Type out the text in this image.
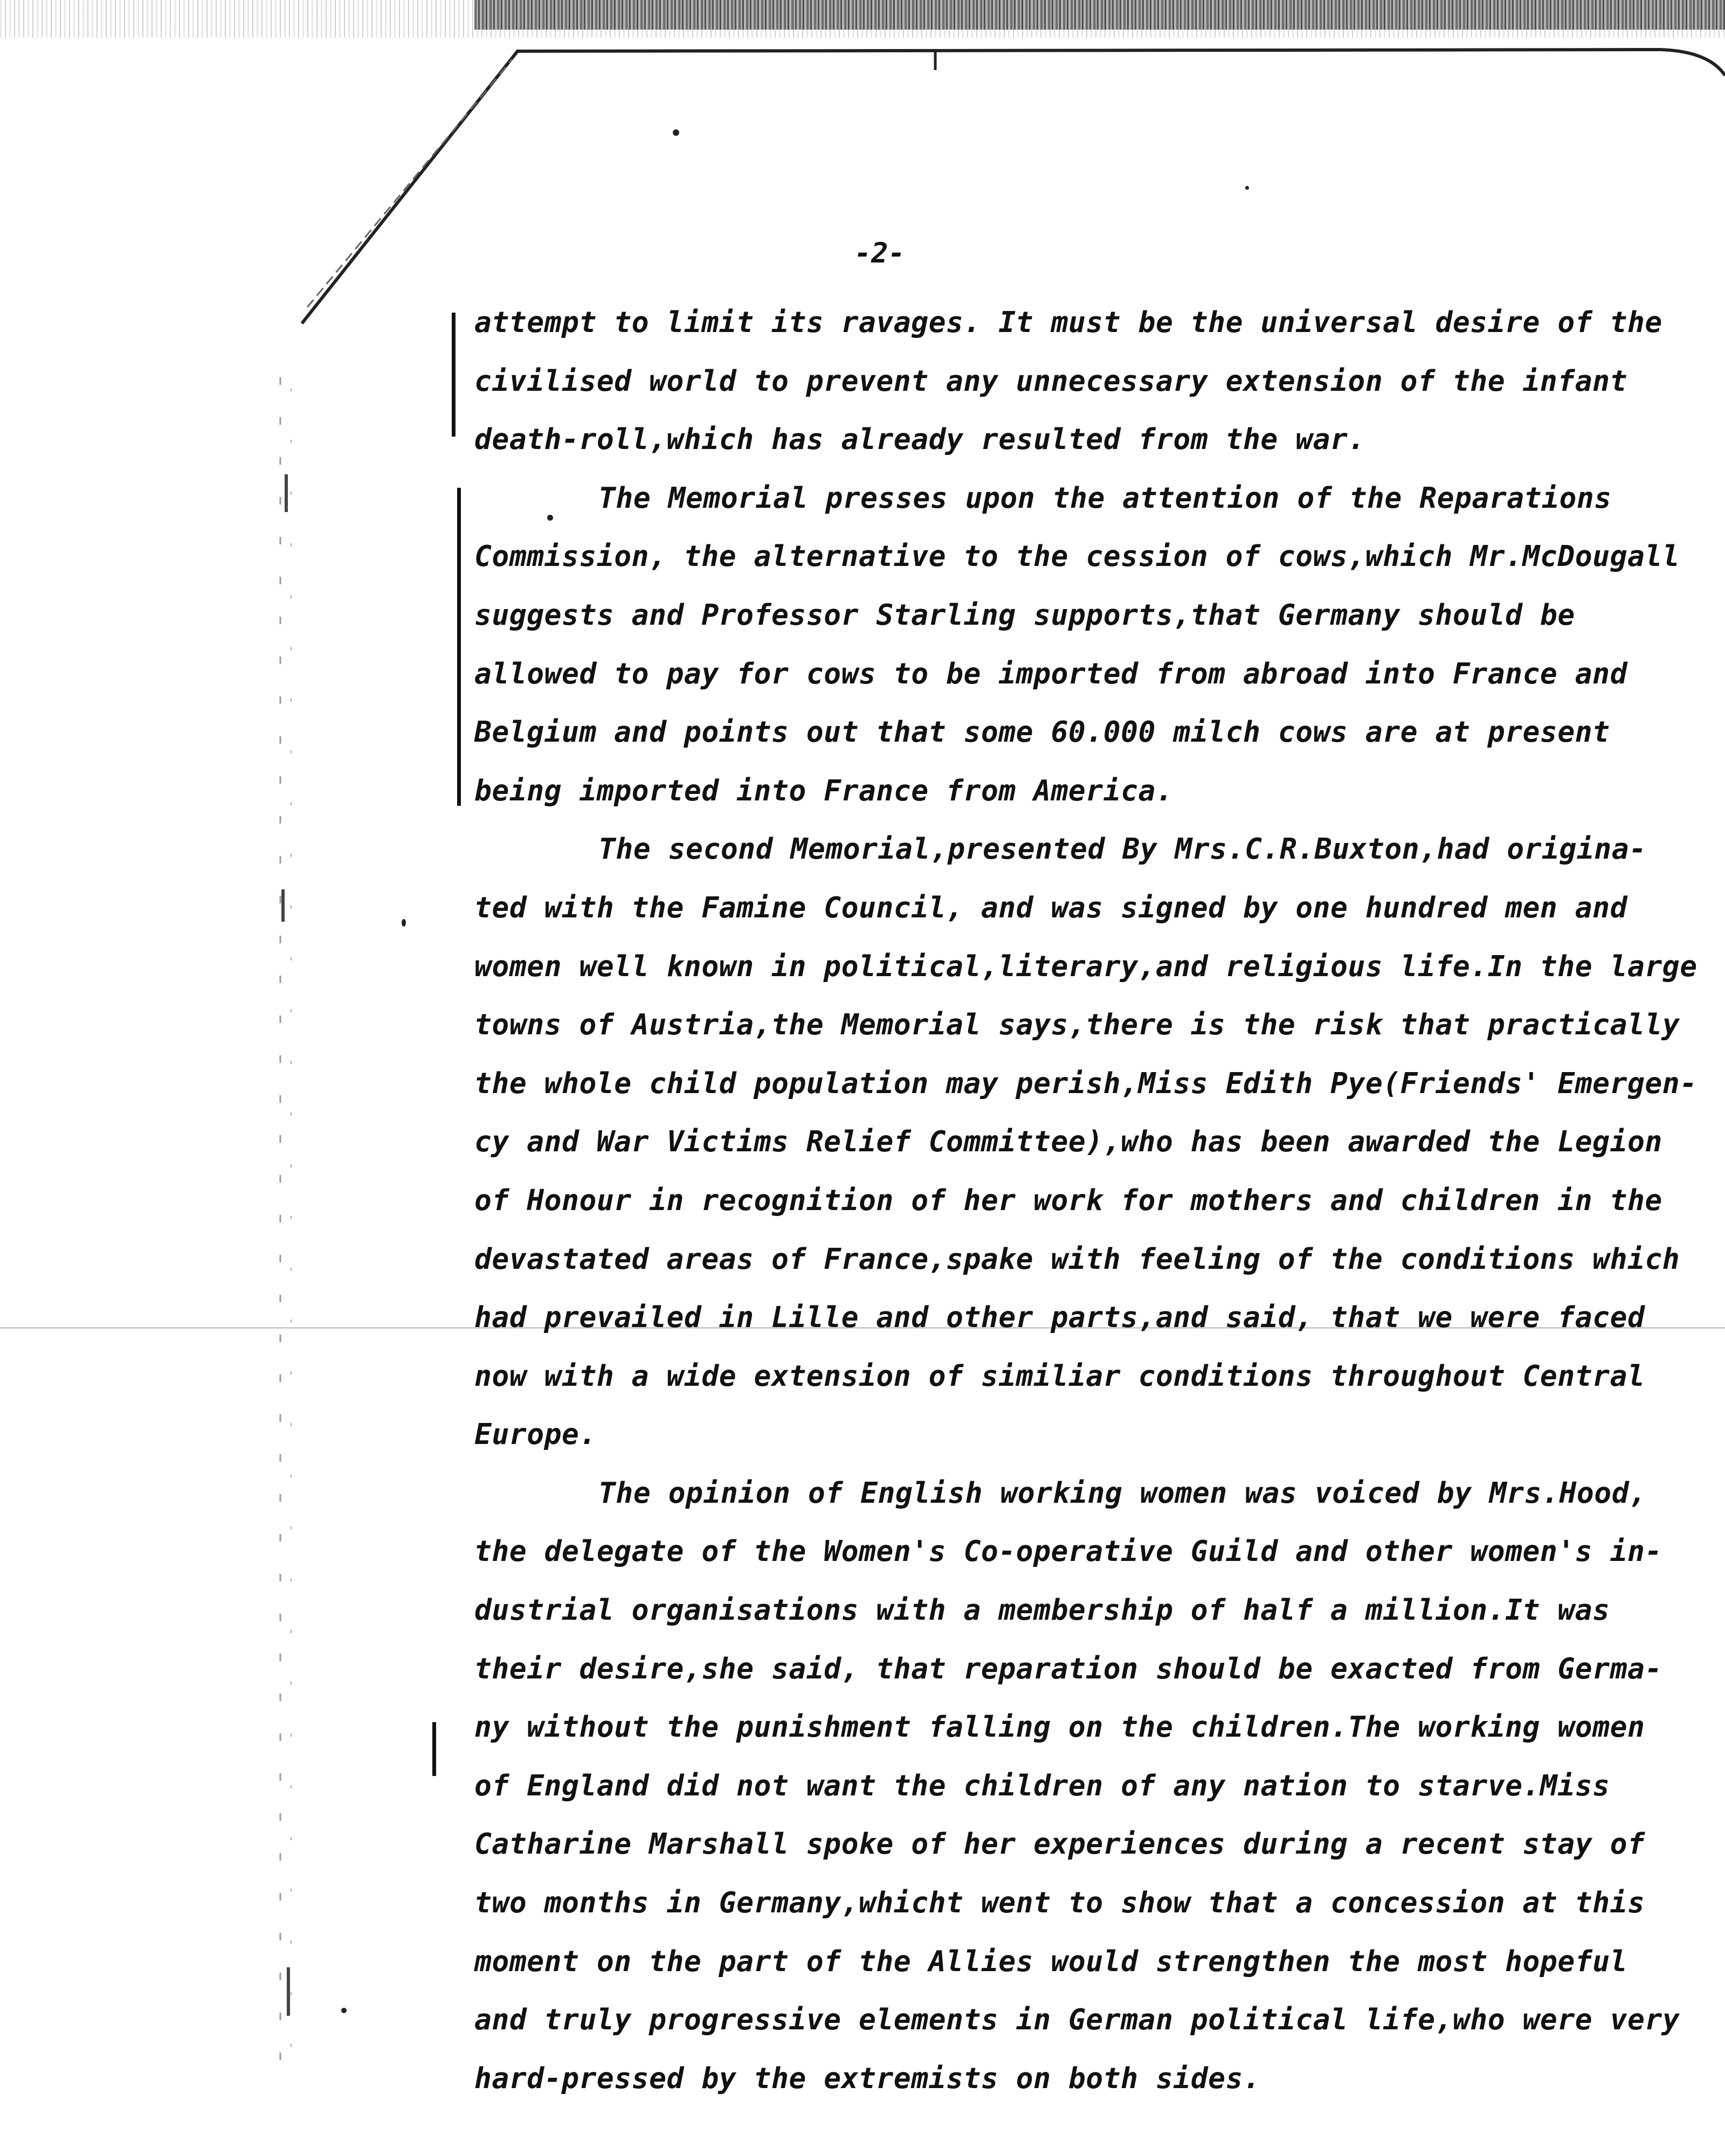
-2-
attempt to limit its ravages. It must be the universal desire of the
civilised world to prevent any unnecessary extension of the infant
death-roll,which has already resulted from the war.
The Memorial presses upon the attention of the Reparations
Commission, the alternative to the cession of cows,which Mr.McDougall
suggests and Professor Starling supports,that Germany should be
allowed to pay for cows to be imported from abroad into France and
Belgium and points out that some 60.000 milch cows are at present
being imported into France from America.
The second Memorial,presented By Mrs.C.R.Buxton,had origina-
ted with the Famine Council, and was signed by one hundred men and
women well known in political,literary,and religious life.In the large
towns of Austria,the Memorial says,there is the risk that practically
the whole child population may perish,Miss Edith Pye(Friends' Emergen-
cy and War Victims Relief Committee),who has been awarded the Legion
of Honour in recognition of her work for mothers and children in the
devastated areas of France,spake with feeling of the conditions which
had prevailed in Lille and other parts,and said, that we were faced
now with a wide extension of similiar conditions throughout Central
Europe.
The opinion of English working women was voiced by Mrs.Hood,
the delegate of the Women's Co-operative Guild and other women's in-
dustrial organisations with a membership of half a million.It was
their desire,she said, that reparation should be exacted from Germa-
ny without the punishment falling on the children.The working women
of England did not want the children of any nation to starve.Miss
Catharine Marshall spoke of her experiences during a recent stay of
two months in Germany,whicht went to show that a concession at this
moment on the part of the Allies would strengthen the most hopeful
and truly progressive elements in German political life,who were very
hard-pressed by the extremists on both sides.
